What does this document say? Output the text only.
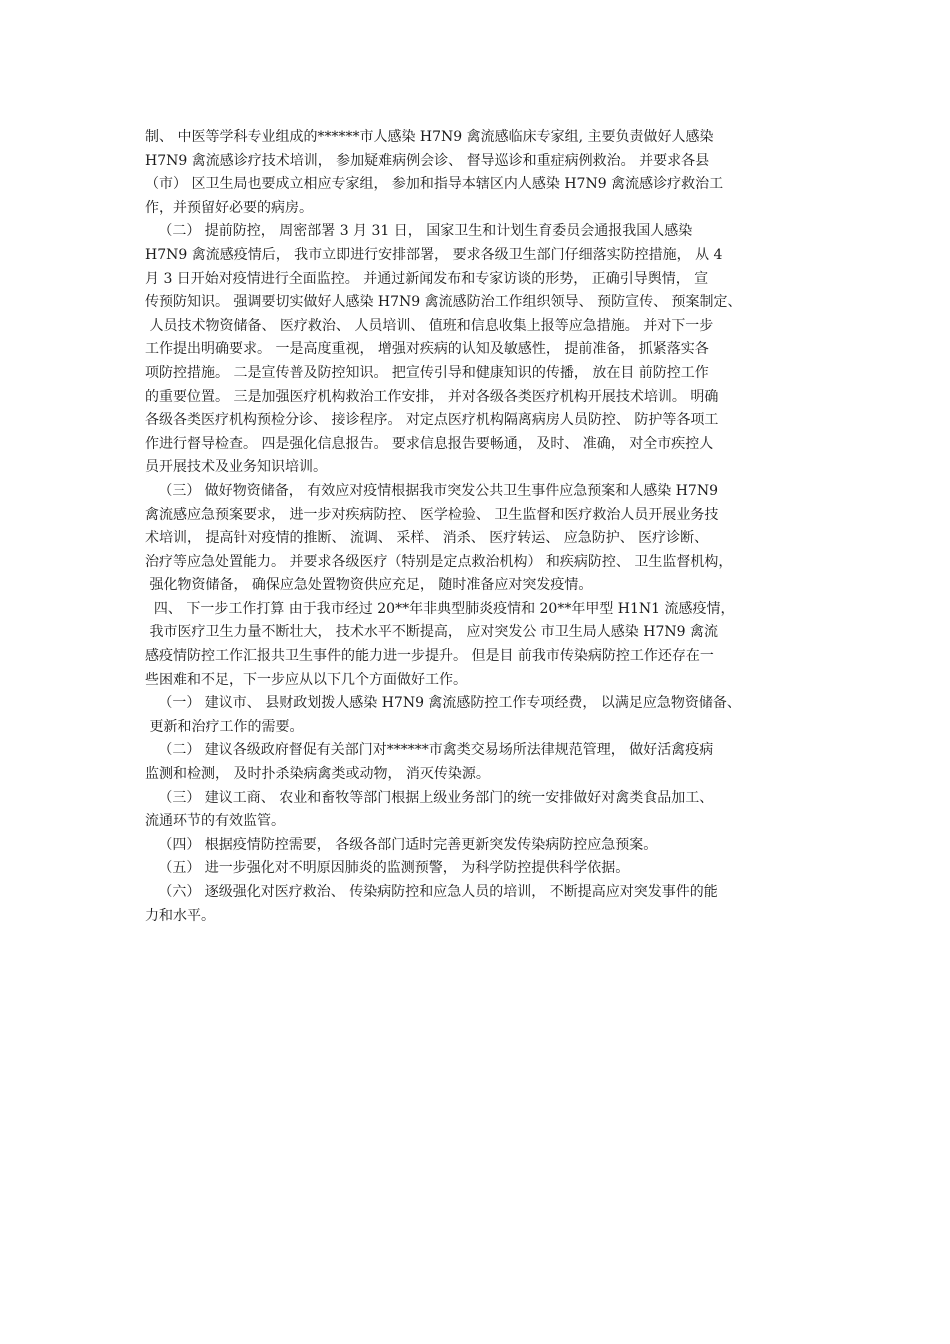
制、 中医等学科专业组成的******市人感染 H7N9 禽流感临床专家组, 主要负责做好人感染
H7N9 禽流感诊疗技术培训， 参加疑难病例会诊、 督导巡诊和重症病例救治。 并要求各县
（市） 区卫生局也要成立相应专家组， 参加和指导本辖区内人感染 H7N9 禽流感诊疗救治工
作，并预留好必要的病房。
（二） 提前防控， 周密部署 3 月 31 日， 国家卫生和计划生育委员会通报我国人感染
H7N9 禽流感疫情后， 我市立即进行安排部署， 要求各级卫生部门仔细落实防控措施， 从 4
月 3 日开始对疫情进行全面监控。 并通过新闻发布和专家访谈的形势， 正确引导舆情， 宣
传预防知识。 强调要切实做好人感染 H7N9 禽流感防治工作组织领导、 预防宣传、 预案制定、
人员技术物资储备、 医疗救治、 人员培训、 值班和信息收集上报等应急措施。 并对下一步
工作提出明确要求。 一是高度重视， 增强对疾病的认知及敏感性， 提前准备， 抓紧落实各
项防控措施。 二是宣传普及防控知识。 把宣传引导和健康知识的传播， 放在目 前防控工作
的重要位置。 三是加强医疗机构救治工作安排， 并对各级各类医疗机构开展技术培训。 明确
各级各类医疗机构预检分诊、 接诊程序。 对定点医疗机构隔离病房人员防控、 防护等各项工
作进行督导检查。 四是强化信息报告。 要求信息报告要畅通， 及时、 准确， 对全市疾控人
员开展技术及业务知识培训。
（三） 做好物资储备， 有效应对疫情根据我市突发公共卫生事件应急预案和人感染 H7N9
禽流感应急预案要求， 进一步对疾病防控、 医学检验、 卫生监督和医疗救治人员开展业务技
术培训， 提高针对疫情的推断、 流调、 采样、 消杀、 医疗转运、 应急防护、 医疗诊断、
治疗等应急处置能力。 并要求各级医疗（特别是定点救治机构） 和疾病防控、 卫生监督机构，
强化物资储备， 确保应急处置物资供应充足， 随时准备应对突发疫情。
四、 下一步工作打算 由于我市经过 20**年非典型肺炎疫情和 20**年甲型 H1N1 流感疫情，
我市医疗卫生力量不断壮大， 技术水平不断提高， 应对突发公 市卫生局人感染 H7N9 禽流
感疫情防控工作汇报共卫生事件的能力进一步提升。 但是目 前我市传染病防控工作还存在一
些困难和不足，下一步应从以下几个方面做好工作。
（一） 建议市、 县财政划拨人感染 H7N9 禽流感防控工作专项经费， 以满足应急物资储备、
更新和治疗工作的需要。
（二） 建议各级政府督促有关部门对******市禽类交易场所法律规范管理， 做好活禽疫病
监测和检测， 及时扑杀染病禽类或动物， 消灭传染源。
（三） 建议工商、 农业和畜牧等部门根据上级业务部门的统一安排做好对禽类食品加工、
流通环节的有效监管。
（四） 根据疫情防控需要， 各级各部门适时完善更新突发传染病防控应急预案。
（五） 进一步强化对不明原因肺炎的监测预警， 为科学防控提供科学依据。
（六） 逐级强化对医疗救治、 传染病防控和应急人员的培训， 不断提高应对突发事件的能
力和水平。
